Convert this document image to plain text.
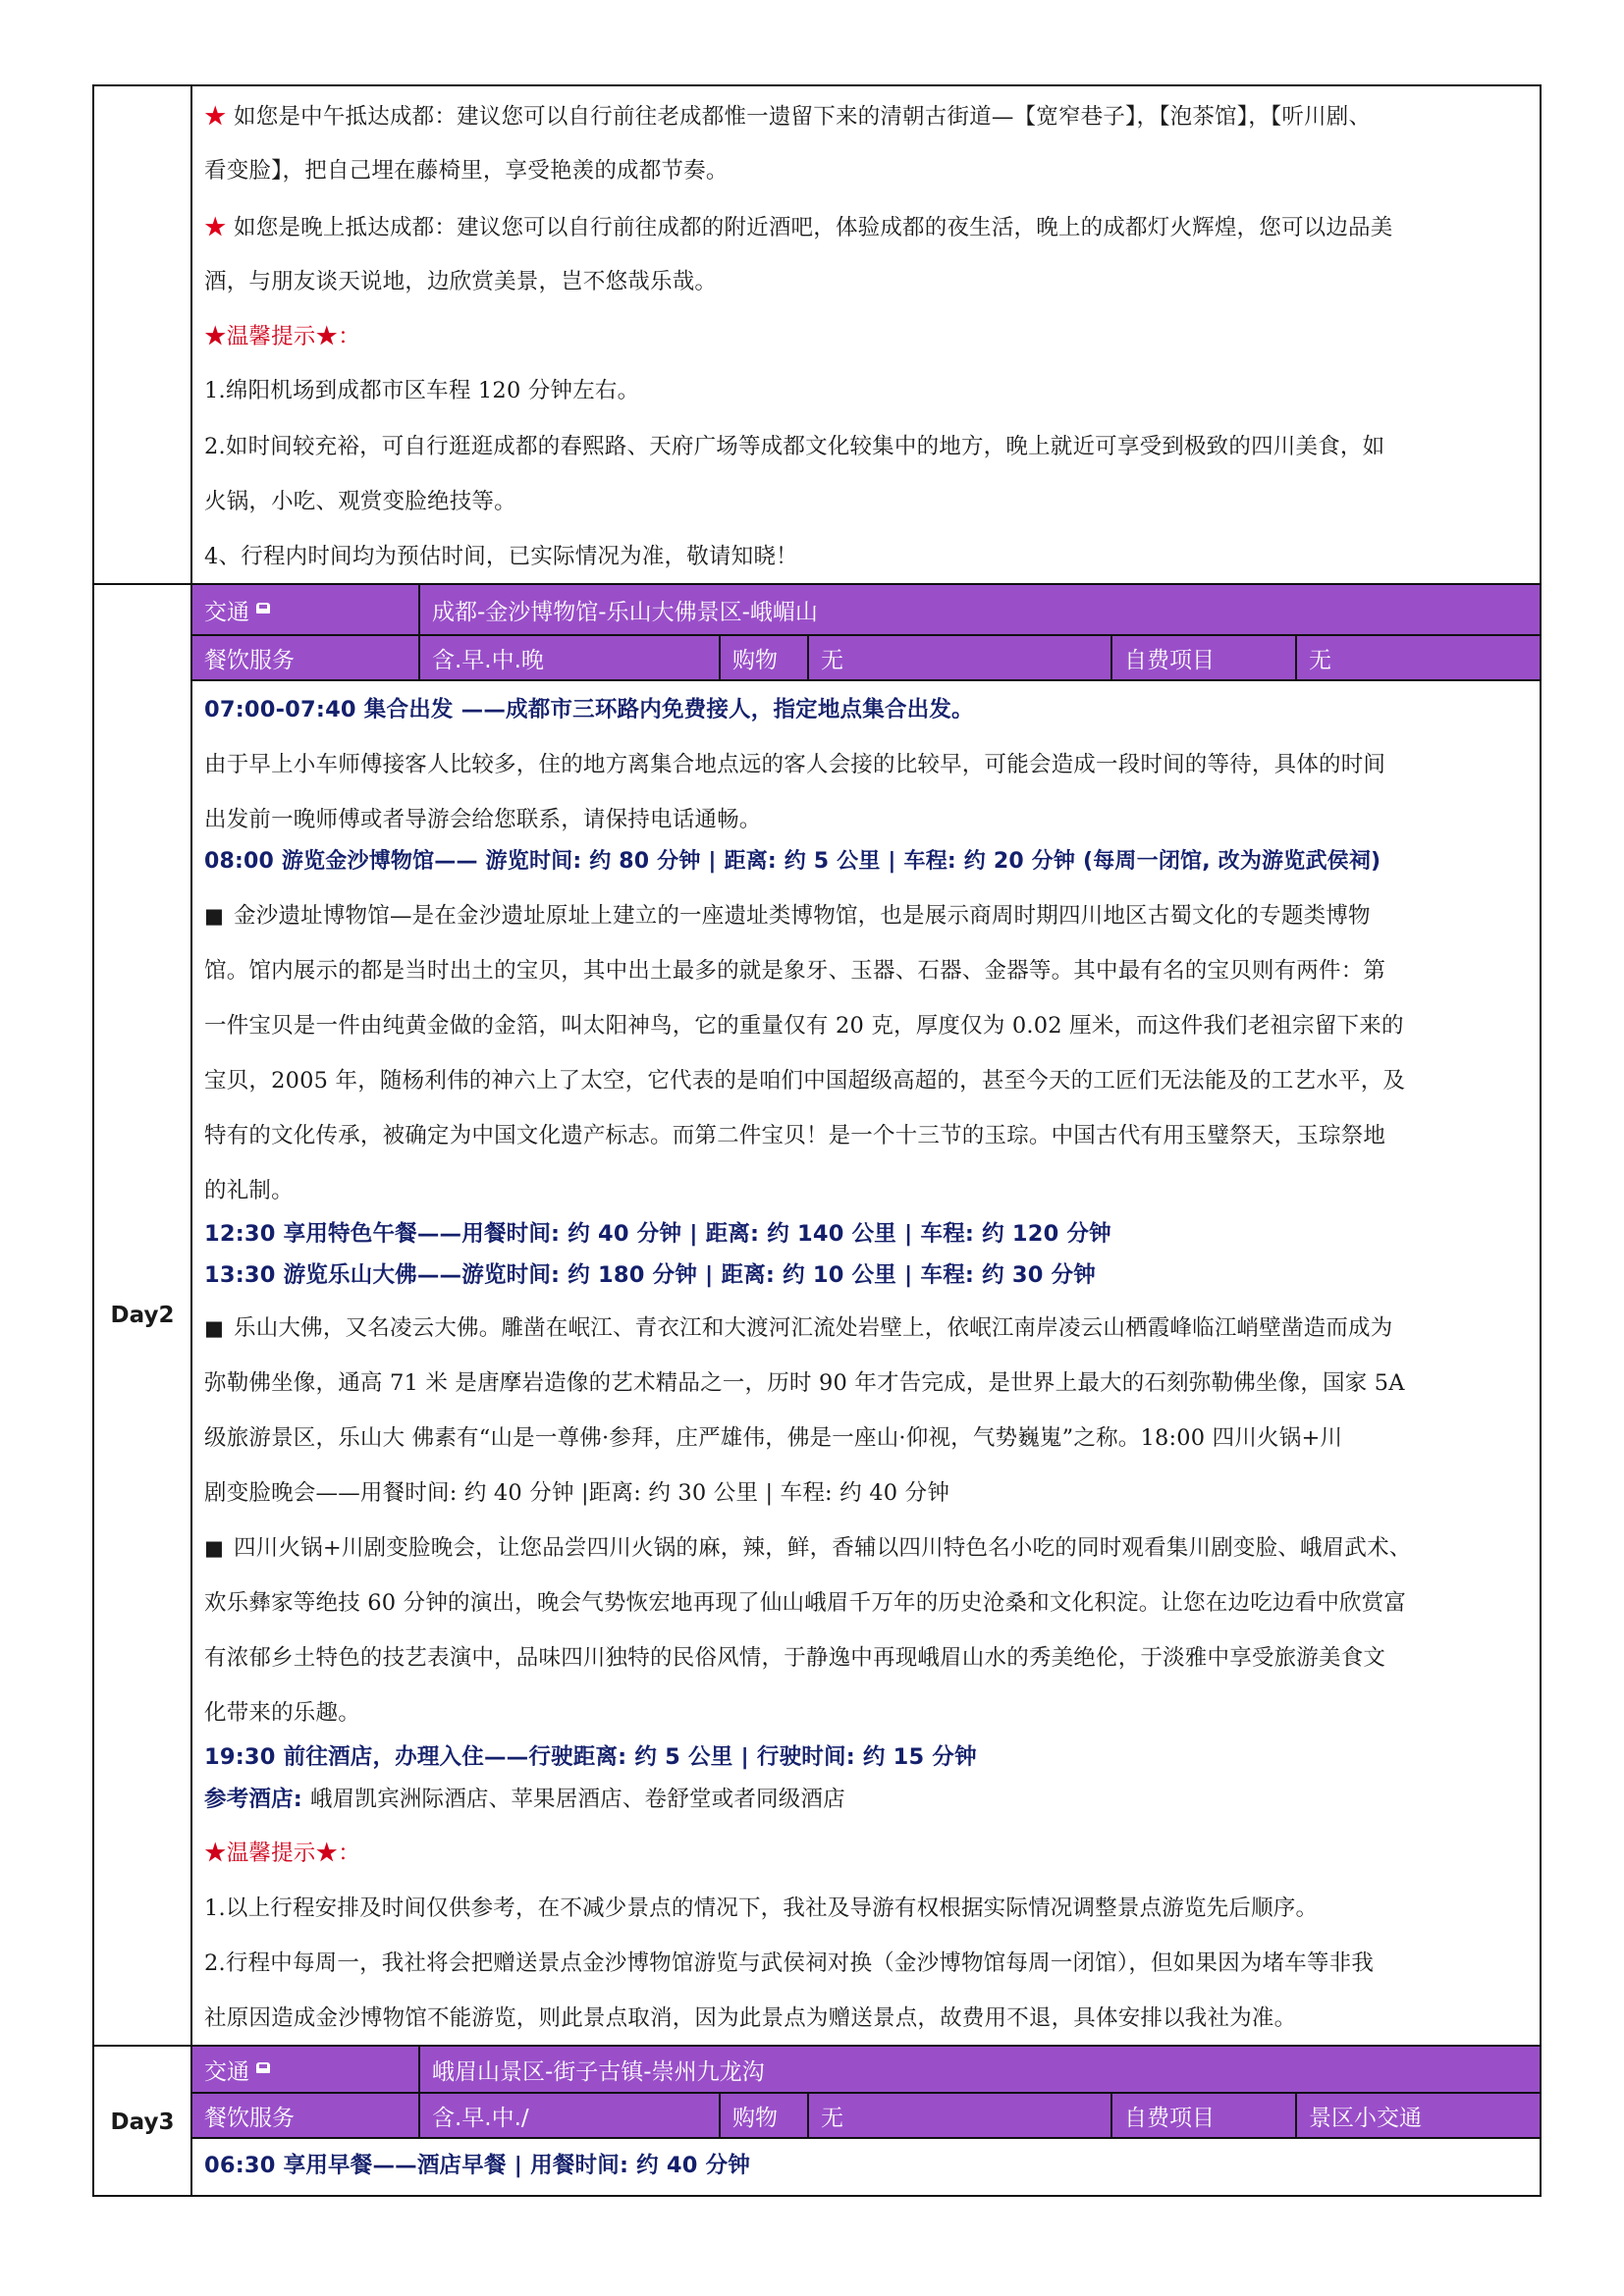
★ 如您是中午抵达成都：建议您可以自行前往老成都惟一遗留下来的清朝古街道—【宽窄巷子】，【泡茶馆】，【听川剧、
看变脸】，把自己埋在藤椅里，享受艳羡的成都节奏。
★ 如您是晚上抵达成都：建议您可以自行前往成都的附近酒吧，体验成都的夜生活，晚上的成都灯火辉煌，您可以边品美
酒，与朋友谈天说地，边欣赏美景，岂不悠哉乐哉。
★温馨提示★：
1.绵阳机场到成都市区车程 120 分钟左右。
2.如时间较充裕，可自行逛逛成都的春熙路、天府广场等成都文化较集中的地方，晚上就近可享受到极致的四川美食，如
火锅，小吃、观赏变脸绝技等。
4、行程内时间均为预估时间，已实际情况为准，敬请知晓！
Day2
交通	成都-金沙博物馆-乐山大佛景区-峨嵋山
餐饮服务	含.早.中.晚	购物	无	自费项目	无
07:00-07:40 集合出发 ——成都市三环路内免费接人，指定地点集合出发。
由于早上小车师傅接客人比较多，住的地方离集合地点远的客人会接的比较早，可能会造成一段时间的等待，具体的时间
出发前一晚师傅或者导游会给您联系，请保持电话通畅。
08:00 游览金沙博物馆—— 游览时间: 约 80 分钟 | 距离: 约 5 公里 | 车程: 约 20 分钟 (每周一闭馆, 改为游览武侯祠)
■ 金沙遗址博物馆—是在金沙遗址原址上建立的一座遗址类博物馆，也是展示商周时期四川地区古蜀文化的专题类博物
馆。馆内展示的都是当时出土的宝贝，其中出土最多的就是象牙、玉器、石器、金器等。其中最有名的宝贝则有两件：第
一件宝贝是一件由纯黄金做的金箔，叫太阳神鸟，它的重量仅有 20 克，厚度仅为 0.02 厘米，而这件我们老祖宗留下来的
宝贝，2005 年，随杨利伟的神六上了太空，它代表的是咱们中国超级高超的，甚至今天的工匠们无法能及的工艺水平，及
特有的文化传承，被确定为中国文化遗产标志。而第二件宝贝！是一个十三节的玉琮。中国古代有用玉璧祭天，玉琮祭地
的礼制。
12:30 享用特色午餐——用餐时间: 约 40 分钟 | 距离: 约 140 公里 | 车程: 约 120 分钟
13:30 游览乐山大佛——游览时间: 约 180 分钟 | 距离: 约 10 公里 | 车程: 约 30 分钟
■ 乐山大佛，又名凌云大佛。雕凿在岷江、青衣江和大渡河汇流处岩壁上，依岷江南岸凌云山栖霞峰临江峭壁凿造而成为
弥勒佛坐像，通高 71 米 是唐摩岩造像的艺术精品之一，历时 90 年才告完成，是世界上最大的石刻弥勒佛坐像，国家 5A
级旅游景区，乐山大 佛素有“山是一尊佛·参拜，庄严雄伟，佛是一座山·仰视，气势巍嵬”之称。18:00 四川火锅+川
剧变脸晚会——用餐时间: 约 40 分钟 |距离: 约 30 公里 | 车程: 约 40 分钟
■ 四川火锅+川剧变脸晚会，让您品尝四川火锅的麻，辣，鲜，香辅以四川特色名小吃的同时观看集川剧变脸、峨眉武术、
欢乐彝家等绝技 60 分钟的演出，晚会气势恢宏地再现了仙山峨眉千万年的历史沧桑和文化积淀。让您在边吃边看中欣赏富
有浓郁乡土特色的技艺表演中，品味四川独特的民俗风情，于静逸中再现峨眉山水的秀美绝伦，于淡雅中享受旅游美食文
化带来的乐趣。
19:30 前往酒店，办理入住——行驶距离: 约 5 公里 | 行驶时间: 约 15 分钟
参考酒店: 峨眉凯宾洲际酒店、苹果居酒店、卷舒堂或者同级酒店
★温馨提示★：
1.以上行程安排及时间仅供参考，在不减少景点的情况下，我社及导游有权根据实际情况调整景点游览先后顺序。
2.行程中每周一，我社将会把赠送景点金沙博物馆游览与武侯祠对换（金沙博物馆每周一闭馆），但如果因为堵车等非我
社原因造成金沙博物馆不能游览，则此景点取消，因为此景点为赠送景点，故费用不退，具体安排以我社为准。
Day3
交通	峨眉山景区-街子古镇-崇州九龙沟
餐饮服务	含.早.中./	购物	无	自费项目	景区小交通
06:30 享用早餐——酒店早餐 | 用餐时间: 约 40 分钟
